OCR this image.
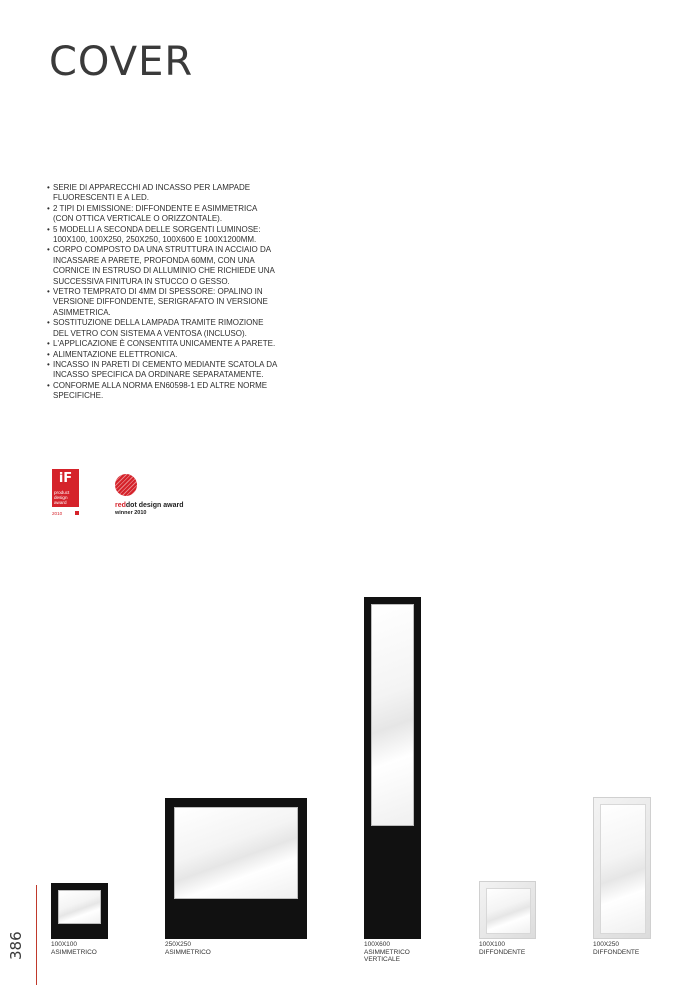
COVER
• SERIE DI APPARECCHI AD INCASSO PER LAMPADE FLUORESCENTI E A LED.
• 2 TIPI DI EMISSIONE: DIFFONDENTE E ASIMMETRICA (CON OTTICA VERTICALE O ORIZZONTALE).
• 5 MODELLI A SECONDA DELLE SORGENTI LUMINOSE: 100X100, 100X250, 250X250, 100X600 E 100X1200MM.
• CORPO COMPOSTO DA UNA STRUTTURA IN ACCIAIO DA INCASSARE A PARETE, PROFONDA 60MM, CON UNA CORNICE IN ESTRUSO DI ALLUMINIO CHE RICHIEDE UNA SUCCESSIVA FINITURA IN STUCCO O GESSO.
• VETRO TEMPRATO DI 4MM DI SPESSORE: OPALINO IN VERSIONE DIFFONDENTE, SERIGRAFATO IN VERSIONE ASIMMETRICA.
• SOSTITUZIONE DELLA LAMPADA TRAMITE RIMOZIONE DEL VETRO CON SISTEMA A VENTOSA (INCLUSO).
• L'APPLICAZIONE È CONSENTITA UNICAMENTE A PARETE.
• ALIMENTAZIONE ELETTRONICA.
• INCASSO IN PARETI DI CEMENTO MEDIANTE SCATOLA DA INCASSO SPECIFICA DA ORDINARE SEPARATAMENTE.
• CONFORME ALLA NORMA EN60598-1 ED ALTRE NORME SPECIFICHE.
iF
product design award
2010
reddot design award
winner 2010
100X100
ASIMMETRICO
250X250
ASIMMETRICO
100X600
ASIMMETRICO
VERTICALE
100X100
DIFFONDENTE
100X250
DIFFONDENTE
386
